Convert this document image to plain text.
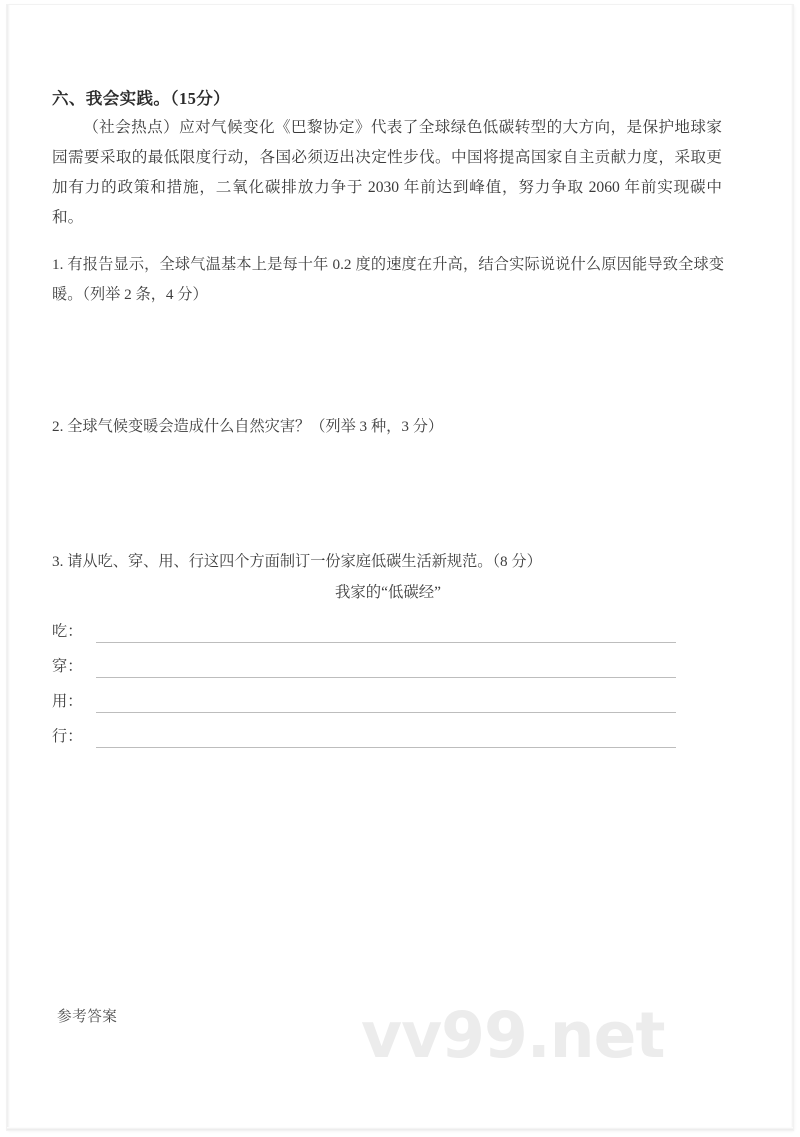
六、我会实践。（15分）
（社会热点）应对气候变化《巴黎协定》代表了全球绿色低碳转型的大方向，是保护地球家园需要采取的最低限度行动，各国必须迈出决定性步伐。中国将提高国家自主贡献力度，采取更加有力的政策和措施，二氧化碳排放力争于 2030 年前达到峰值，努力争取 2060 年前实现碳中和。
1. 有报告显示，全球气温基本上是每十年 0.2 度的速度在升高，结合实际说说什么原因能导致全球变暖。（列举 2 条，4 分）
2. 全球气候变暖会造成什么自然灾害？（列举 3 种，3 分）
3. 请从吃、穿、用、行这四个方面制订一份家庭低碳生活新规范。（8 分）
我家的“低碳经”
吃：
穿：
用：
行：
参考答案	vv99.net
